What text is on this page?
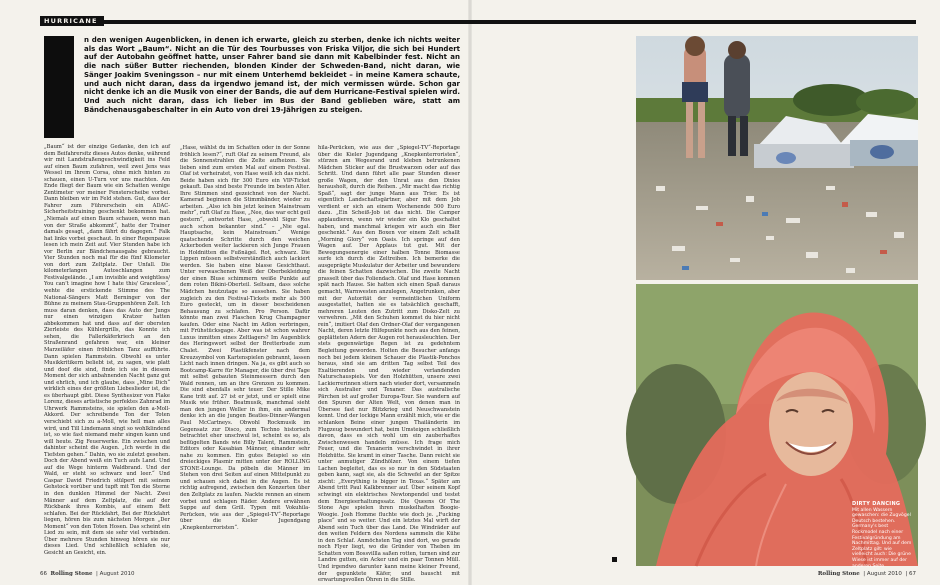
HURRICANE

n den wenigen Augenblicken, in denen ich erwarte, gleich zu sterben, denke ich nichts weiter als das Wort „Baum“. Nicht an die Tür des Tourbusses von Friska Viljor, die sich bei Hundert auf der Autobahn geöffnet hatte, unser Fahrer band sie dann mit Kabelbinder fest. Nicht an die nach süßer Butter riechenden, blonden Kinder der Schweden-Band, nicht daran, wie Sänger Joakim Sveningsson – nur mit einem Unterhemd bekleidet – in meine Kamera schaute, und auch nicht daran, dass da irgendwo jemand ist, der mich vermissen würde. Schon gar nicht denke ich an die Musik von einer der Bands, die auf dem Hurricane-Festival spielen wird. Und auch nicht daran, dass ich lieber im Bus der Band geblieben wäre, statt am Bändchenausgabeschalter in ein Auto von drei 19-Jährigen zu steigen.

„Baum“ ist der einzige Gedanke, den ich auf dem Beifahrersitz dieses Autos denke, während wir mit Landstraßengeschwindigkeit ins Feld auf einen Baum zufahren, weil zwei Jens was Wessel im Ihrem Corsa, ohne mich hinten zu schauen, einen U-Turn vor uns machten. Am Ende fliegt der Baum wie ein Schatten wenige Zentimeter vor meiner Fensterscheibe vorbei. Dann bleiben wir im Feld stehen. Gut, dass der Fahrer zum Führerschein ein ADAC-Sicherheitstraining geschenkt bekommen hat. „Niemals auf einen Baum schauen, wenn man von der Straße abkommt“, hatte der Trainer damals gesagt, „dann fährt du dagegen.“ Falk hat links vorbei geschaut. In einer Regenpause lesen ich mein Zeit auf. Vier Stunden habe ich vor Berlin zur Bändchenausgabe gebraucht. Vier Stunden noch mal für die fünf Kilometer von dort zum Zeltplatz. Der Unfall. Die kilometerlangen Autoschlangen zum Festivalgelände. „I am invisible and weightless/ You can’t imagine how I hate this/ Graceless“, wehte die erstickende Stimme des The National-Sängers Matt Berninger von der Bühne zu meinem Stau-Gruppenhören Zelt. Ich muss daran denken, dass das Auto der Jungs nur einen winzigen Kratzer hatten abbekommen hat und dass auf der obersten Zierleiste des Kühlergrills, das Konnte ich sehen, die Fallerkäferkriech an den Straßenrand gefahren war, ein kleiner Marzeiläfer einen fröhlichen Tanz aufführte. Dann spielen Rammstein. Obwohl es unter Musikkritikern beliebt ist, zu sagen, wie platt und doof die sind, finde ich sie in diesem Moment der sich anbahnenden Nacht ganz gut und ehrlich, und ich glaube, dass „Mine Dich“ wirklich eines der größten Liebeslieder ist, die es überhaupt gibt. Diese Synthesizer von Flake Lorenz, dieses artistische perfektes Zahnrad im Uhrwerk Rammsteins, sie spielen den a-Moll-Akkord. Der schreibende Ton der Toten verschiebt sich zu a-Moll, wie hell man alles wird, und Till Lindemann singt so wohlklindend ist, so wie fast niemand mehr singen kann und will heute. Zig Feuerwerke. Ein zwischen und dahinter scheint die Augen. „Ich werde in die Tiefsten gehen.“ Dahin, wo sie zuletzt gesehen. Doch der Abend weiß ein Tuch aufs Land. Und auf die Wege hinterm Waldbrand. Und der Wald, er steht so schwarz und leer.“ Und Caspar David Friedrich stülpert mit seinem Gehstock vorüber und tupft mit Ton die Sterne in den dunklen Himmel der Nacht. Zwei Männer auf dem Zeltplatz, die auf der Rückbank ihres Kombis, auf einem Bett schlafen. Bei der Rückfahrt, Bei der Rückfahrt liegen, hören bis zum nächsten Morgen „Der Moment“ von den Toten Hosen. Das scheint ein Lied zu sein, mit dem sie sehr viel verbinden. Über mehrere Stunden hinweg hören sie nur dieses Lied. Und schließlich schlafen sie, Gesicht an Gesicht, ein.

„Hase, wählst du im Schatten oder in der Sonne fröhlich lesen?“, ruft Olaf zu seinem Freund, als die Sonnenstrahlen die Zelte aufheizen. Sie lieben sind zum ersten Mal auf einem Festival. Olaf ist verheiratet, von Hase weiß ich das nicht. Beide haben sich für 300 Euro ein VIP-Ticket gekauft. Das sind beste Freunde im besten Alter. Ihre Stimmen sind gezeichnet von der Nacht. Kamerad beginnen die Stimmbänder, wieder zu arbeiten. „Also ich bin jetzt keinen Mainstream mehr“, ruft Olaf zu Hase, „Nee, das war echt geil gestern“, antwortet Hase, „obwohl Sigur Ros auch schon bekannter sind.“ – „Nie egal. Hauptsache, kein Mainstream.“ Wenige quatschende Schritte durch den weichen Ackerboden weiter lackieren sich Junge Frauen in Holdnitten die Fußnägel. Rot, schwarz. Die Lippen müssen selbstverständlich auch lackiert werden. Sie haben eine blasse Gesichthaut. Unter verwaschenen Weiß der Oberbekleidung der einen Bluse schimmern weiße Punkte auf dem roten Bikini-Oberteil. Seltsam, dass solche Mädchen heutzutage so aussehen. Sie haben zugleich zu den Festival-Tickets mehr als 500 Euro gesteckt, um in dieser bescheidenen Behausung zu schlafen. Pro Person. Dafür könnte man zwei Flaschen Krug Champagner kaufen. Oder eine Nacht im Adlon verbringen, mit Frühstücksgage. Aber was ist schon wahrer Luxus inmitten eines Zeltlagers? Im Augenblick des Heringswort selbst der Bretterbude zum Chalet. Zwei Plastikfenster nach dem Kreuzsymbol von Kartenspielen gebrannt, lassen Licht nach innen dringen. Na ja, es gibt auch so Bootcamp-Karre für Manager, die über drei Tage mit selbst gebauten Steinmessern durch den Wald rennen, um an ihre Grenzen zu kommen. Die sind ebenfalls sehr teuer. Der Stille Mike Kane tritt auf. 27 ist er jetzt, und er spielt eine Musik wie früher. Beatmusik, manchmal sieht man den jungen Weller in ihm, ein andermal denke ich an die jungen Beatles-Dinner-Wangen Paul McCartneys. Obwohl Rockmusik im Gegensatz zur Disco, zum Techno historisch betrachtet eher unschwul ist, scheint es so, als beflügelten Bands wie Billy Talent, Rammstein, Editors oder Kasabian Männer, einander sehr nahe zu kommen. Ein gutes Beispiel so ein dreieckiges Plasmir mitten unter der ROLLING STONE-Lounge. Da pöbeln die Männer im Stehen von drei Seiten auf einen Mittelpunkt zu und schauen sich dabei in die Augen. Es ist richtig aufregend, zwischen den Konzerten über den Zeltplatz zu laufen. Nackte rennen an einem vorbei und schlagen Räder. Andere erwähnen Suppe auf dem Grill. Typen mit Vokuhila-Perücken, wie aus der „Spiegel-TV“-Reportage über die Kieler Jugendgang „Knepkenterroristen“.

hila-Perücken, wie aus der „Spiegel-TV“-Reportage über die Kieler Jugendgang „Knepkenterroristen“, stürzen am Wegesrand und kleben betrunkenen Mädchen Sticker auf die Brustwarzen oder auf das Schritt. Und dann führt alle paar Stunden dieser große Wagen, der den Unrat aus den Dixies herausholt, durch die Reihen. „Mir macht das richtig Spaß“, sagt der junge Mann aus Trier. Es ist eigentlich Landschaftsgärtner, aber mit dem Job verdient er sich an einem Wochenende 500 Euro dazu. „Ein Scheiß-Job ist das nicht. Die Camper applaudieren, wenn wir wieder ein Klo geschaltet haben, und manchmal kriegen wir auch ein Bier geschenkt.“ Aus den Boxen vor einem Zelt schallt „Morning Glory“ von Oasis. Ich springe auf den Wagen auf. Der Applaus tut gut. Mit der Bewegungsenergie einer halben Tonne Biomasse surfe ich durch die Zeltreihen. Ich bemerke die ausgeprägte Muskulatur der Arbeiter und bewundere die feinen Schatten dazwischen. Die zweite Nacht prasselt über das Foliendach. Olaf und Hase kommen spät nach Hause. Sie hatten sich einen Spaß daraus gemacht, Warnwesten anzulegen, Angetrunken, aber mit der Autorität der vermeintlichen Uniform ausgestattet, hatten sie es tatsächlich geschafft, mehreren Leuten den Zutritt zum Disko-Zelt zu verwehren. „Mit den Schuhen kommst du hier nicht rein“, imitiert Olaf den Ordner-Olaf der vergangenen Nacht, deren letzte Hilfepunkte noch aus den feinen, geplätteten Adern der Augen rot herausleuchten. Der stets gegenwärtige Regen ist zu gedehntem Begleitung geworden. Holten die Besucher anfangs noch bei jedem kleinen Schauer die Plastik-Ponchos heraus, sind sie am dritten Tag selbst Teil des Exaltierenden und wieder verlandenden Naturschauspiels. Vor den Holzhütten, unsere zwei Lackierrerinnen stiern nach wieder dort, versammeln sich Australier und Texaner. Das australische Pärchen ist auf großer Europa-Tour. Sie wandern auf den Spuren der Alten Welt, von denen man in Übersee fast nur Blitzkrieg und Neuschwanstein kennt. Und der lockige Mann erzählt mich, wie er die schlanken Beine einer jungen Thailänderin im Flugzeug bewundert hat, beim Umsteigen schließlich davon, dass es sich wohl um ein zauberhaftes Zwischenwesen handeln müsse. Ich frage mich Feuer, und die Texanerin verschwindet in ihrer Holzhütte. Sie kramt in einer Tasche. Dann reicht sie unter anmutiger Zündhölzer. Von einem tiefen Lachen begleitet, das es so nur in den Südstaaten geben kann, sagt sie, als die Schwefel an der Spitze zischt: „Everything is bigger in Texas.“ Später am Abend tritt Paul Kalkbrenner auf. Über seinem Kopf schwingt ein elektrisches Newtonpendel und testet dem Energieerhaltungssatz. Die Queens Of The Stone Age spielen ihren muskelhaften Boogie-Woogie. Josh Homme fluchte wie doch je. „Fucking place“ und so weiter. Und ein letztes Mal wirft der Abend sein Tuch über das Land. Die Windräder auf den weiten Feldern des Nordens sammeln die Kühe in den Schlaf. Anmöchsten Tag sind dort, wo gerade noch Flyer liegt, wo die Gründer von Theben im Schatten vom Bossvillla saßen rotten, turnen sind zur Landre gutten, ein Acker und ein paar Tonnen Müll. Und irgendwo darunter kann meine kleiner Freund, der gepunktete Käfer, und bauscht mit erwartungsvollen Öhren in die Stille.

DIRTY DANCING
Mit allen Wassern gewaschen: die Zugvögel Deutsch bestehen. Germany's best Rockmodel nach einer Festivalgründung am Nachmittag. Und auf dem Zeltplatz gilt: wie vielleicht auch: Die grüne Wiese ist immer auf der anderen Seite
66 Rolling Stone  | August 2010	Rolling Stone  | August 2010  | 67
